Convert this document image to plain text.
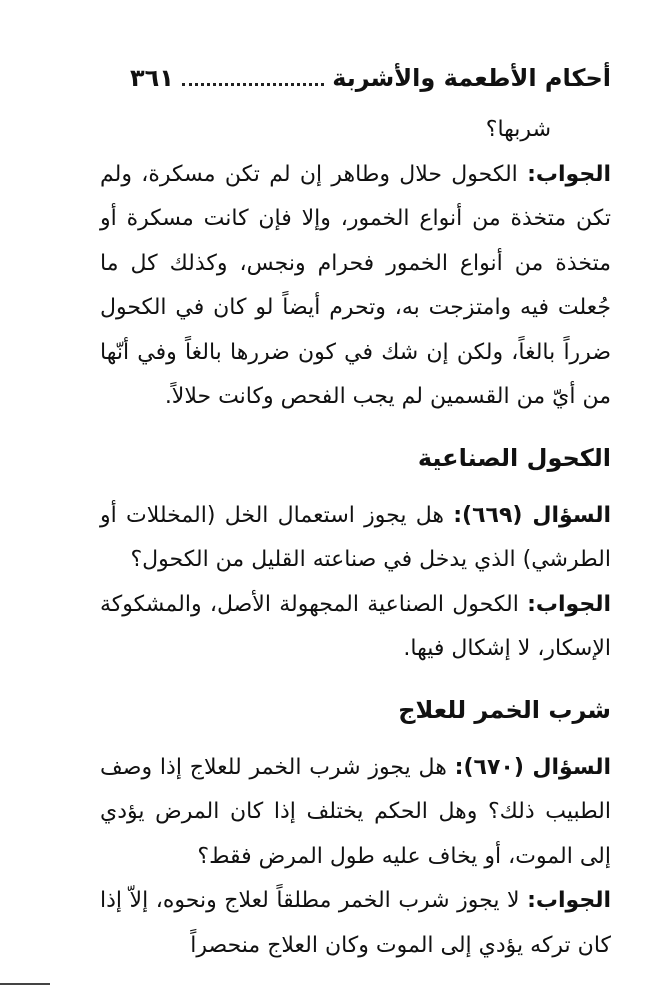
أحكام الأطعمة والأشربة
٣٦١

شربها؟

الجواب: الكحول حلال وطاهر إن لم تكن مسكرة، ولم تكن متخذة من أنواع الخمور، وإلا فإن كانت مسكرة أو متخذة من أنواع الخمور فحرام ونجس، وكذلك كل ما جُعلت فيه وامتزجت به، وتحرم أيضاً لو كان في الكحول ضرراً بالغاً، ولكن إن شك في كون ضررها بالغاً وفي أنّها من أيّ من القسمين لم يجب الفحص وكانت حلالاً.

الكحول الصناعية

السؤال (٦٦٩): هل يجوز استعمال الخل (المخللات أو الطرشي) الذي يدخل في صناعته القليل من الكحول؟

الجواب: الكحول الصناعية المجهولة الأصل، والمشكوكة الإسكار، لا إشكال فيها.

شرب الخمر للعلاج

السؤال (٦٧٠): هل يجوز شرب الخمر للعلاج إذا وصف الطبيب ذلك؟ وهل الحكم يختلف إذا كان المرض يؤدي إلى الموت، أو يخاف عليه طول المرض فقط؟

الجواب: لا يجوز شرب الخمر مطلقاً لعلاج ونحوه، إلاّ إذا كان تركه يؤدي إلى الموت وكان العلاج منحصراً
